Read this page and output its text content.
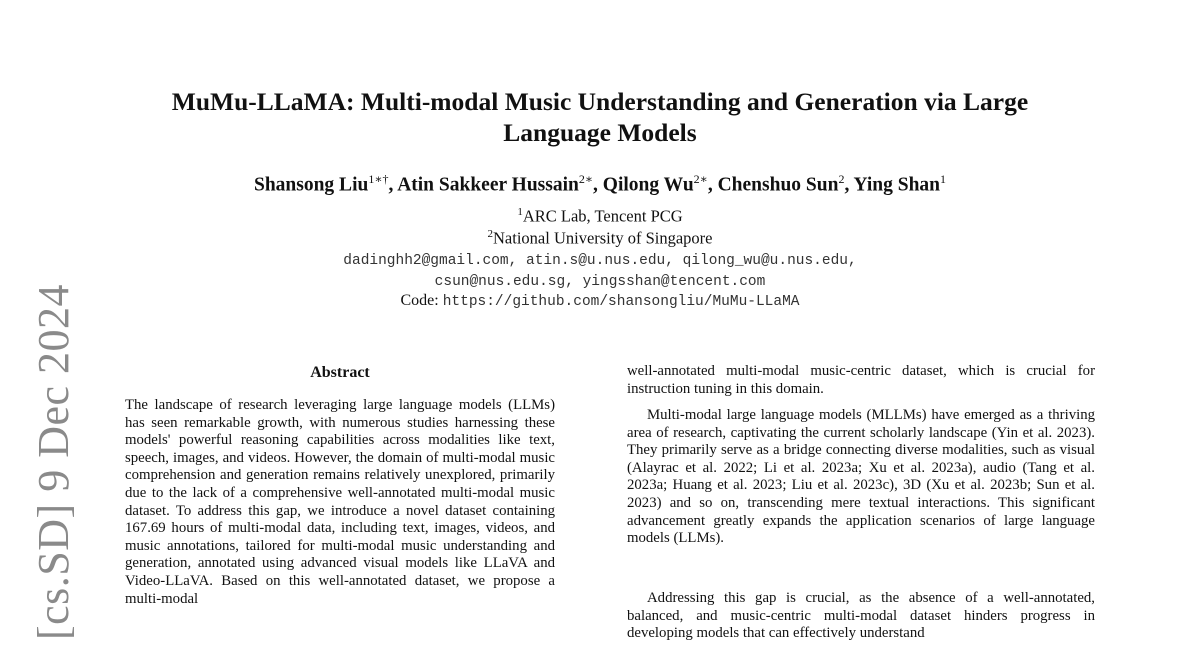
[cs.SD] 9 Dec 2024
MuMu-LLaMA: Multi-modal Music Understanding and Generation via Large Language Models

Shansong Liu$^{1∗\dagger}$, Atin Sakkeer Hussain$^{2∗}$, Qilong $Wu^{2∗}$, Chenshuo Sun$^2$, Ying Shan$^1$

$^1$ARC Lab, Tencent PCG
$^2$National University of Singapore
dadinghh2@gmail.com, atin.s@u.nus.edu, qilong_wu@u.nus.edu,
csun@nus.edu.sg, yingsshan@tencent.com
Code: https://github.com/shansongliu/MuMu-LLaMA
Abstract

The landscape of research leveraging large language models (LLMs) has seen remarkable growth, with numerous studies harnessing these models' powerful reasoning capabilities across modalities like text, speech, images, and videos. However, the domain of multi-modal music comprehension and generation remains relatively unexplored, primarily due to the lack of a comprehensive well-annotated multi-modal music dataset. To address this gap, we introduce a novel dataset containing 167.69 hours of multi-modal data, including text, images, videos, and music annotations, tailored for multi-modal music understanding and generation, annotated using advanced visual models like LLaVA and Video-LLaVA. Based on this well-annotated dataset, we propose a multi-modal

well-annotated multi-modal music-centric dataset, which is crucial for instruction tuning in this domain.

Multi-modal large language models (MLLMs) have emerged as a thriving area of research, captivating the current scholarly landscape (Yin et al. 2023). They primarily serve as a bridge connecting diverse modalities, such as visual (Alayrac et al. 2022; Li et al. 2023a; Xu et al. 2023a), audio (Tang et al. 2023a; Huang et al. 2023; Liu et al. 2023c), 3D (Xu et al. 2023b; Sun et al. 2023) and so on, transcending mere textual interactions. This significant advancement greatly expands the application scenarios of large language models (LLMs).

Addressing this gap is crucial, as the absence of a well-annotated, balanced, and music-centric multi-modal dataset hinders progress in developing models that can effectively understand
